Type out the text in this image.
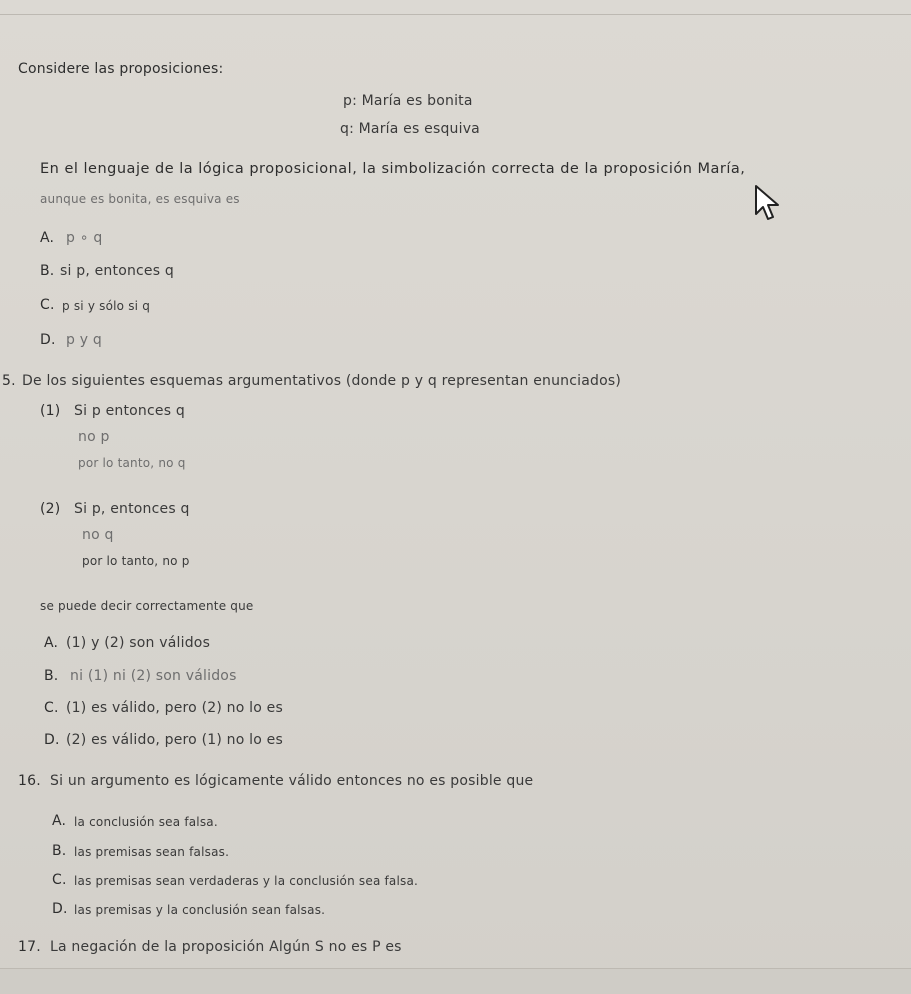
Considere las proposiciones:
p: María es bonita
q: María es esquiva
En el lenguaje de la lógica proposicional, la simbolización correcta de la proposición María,
aunque es bonita, es esquiva es
A. p ∘ q
B. si p, entonces q
C. p si y sólo si q
D. p y q
5. De los siguientes esquemas argumentativos (donde p y q representan enunciados)
(1) Si p entonces q
no p
por lo tanto, no q
(2) Si p, entonces q
no q
por lo tanto, no p
se puede decir correctamente que
A. (1) y (2) son válidos
B. ni (1) ni (2) son válidos
C. (1) es válido, pero (2) no lo es
D. (2) es válido, pero (1) no lo es
16. Si un argumento es lógicamente válido entonces no es posible que
A. la conclusión sea falsa.
B. las premisas sean falsas.
C. las premisas sean verdaderas y la conclusión sea falsa.
D. las premisas y la conclusión sean falsas.
17. La negación de la proposición Algún S no es P es
